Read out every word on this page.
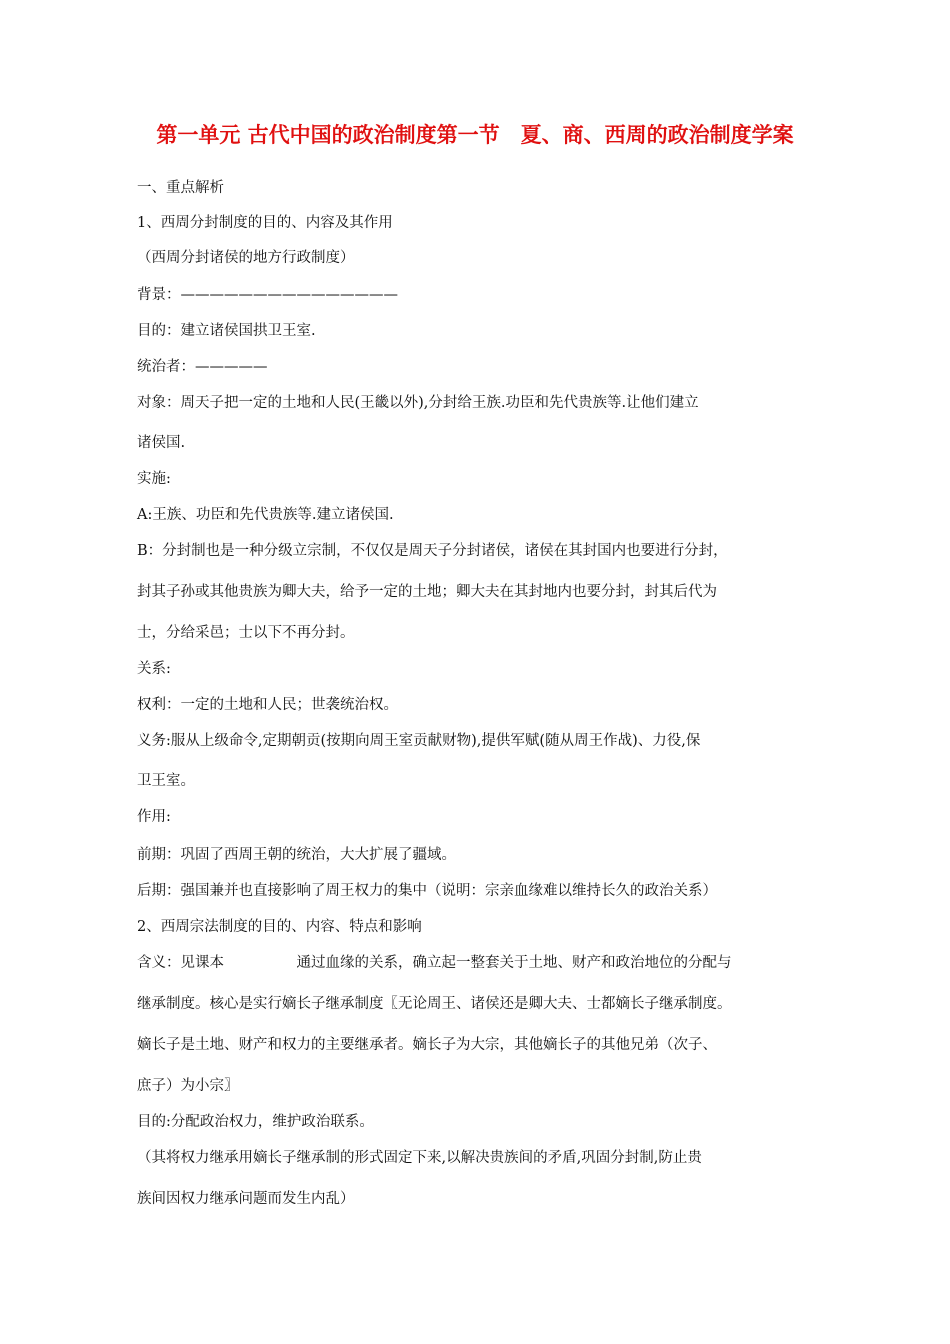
第一单元 古代中国的政治制度第一节　夏、商、西周的政治制度学案

一、重点解析

1、西周分封制度的目的、内容及其作用

（西周分封诸侯的地方行政制度）

背景：———————————————

目的：建立诸侯国拱卫王室.

统治者：—————

对象：周天子把一定的土地和人民(王畿以外),分封给王族.功臣和先代贵族等.让他们建立

诸侯国.

实施:

A:王族、功臣和先代贵族等.建立诸侯国.

B：分封制也是一种分级立宗制，不仅仅是周天子分封诸侯，诸侯在其封国内也要进行分封，

封其子孙或其他贵族为卿大夫，给予一定的土地；卿大夫在其封地内也要分封，封其后代为

士，分给采邑；士以下不再分封。

关系:

权利：一定的土地和人民；世袭统治权。

义务:服从上级命令,定期朝贡(按期向周王室贡献财物),提供军赋(随从周王作战)、力役,保

卫王室。

作用:

前期：巩固了西周王朝的统治，大大扩展了疆域。

后期：强国兼并也直接影响了周王权力的集中（说明：宗亲血缘难以维持长久的政治关系）

2、西周宗法制度的目的、内容、特点和影响

含义：见课本　　　　　通过血缘的关系，确立起一整套关于土地、财产和政治地位的分配与

继承制度。核心是实行嫡长子继承制度〖无论周王、诸侯还是卿大夫、士都嫡长子继承制度。

嫡长子是土地、财产和权力的主要继承者。嫡长子为大宗，其他嫡长子的其他兄弟（次子、

庶子）为小宗〗

目的:分配政治权力，维护政治联系。

（其将权力继承用嫡长子继承制的形式固定下来,以解决贵族间的矛盾,巩固分封制,防止贵

族间因权力继承问题而发生内乱）
